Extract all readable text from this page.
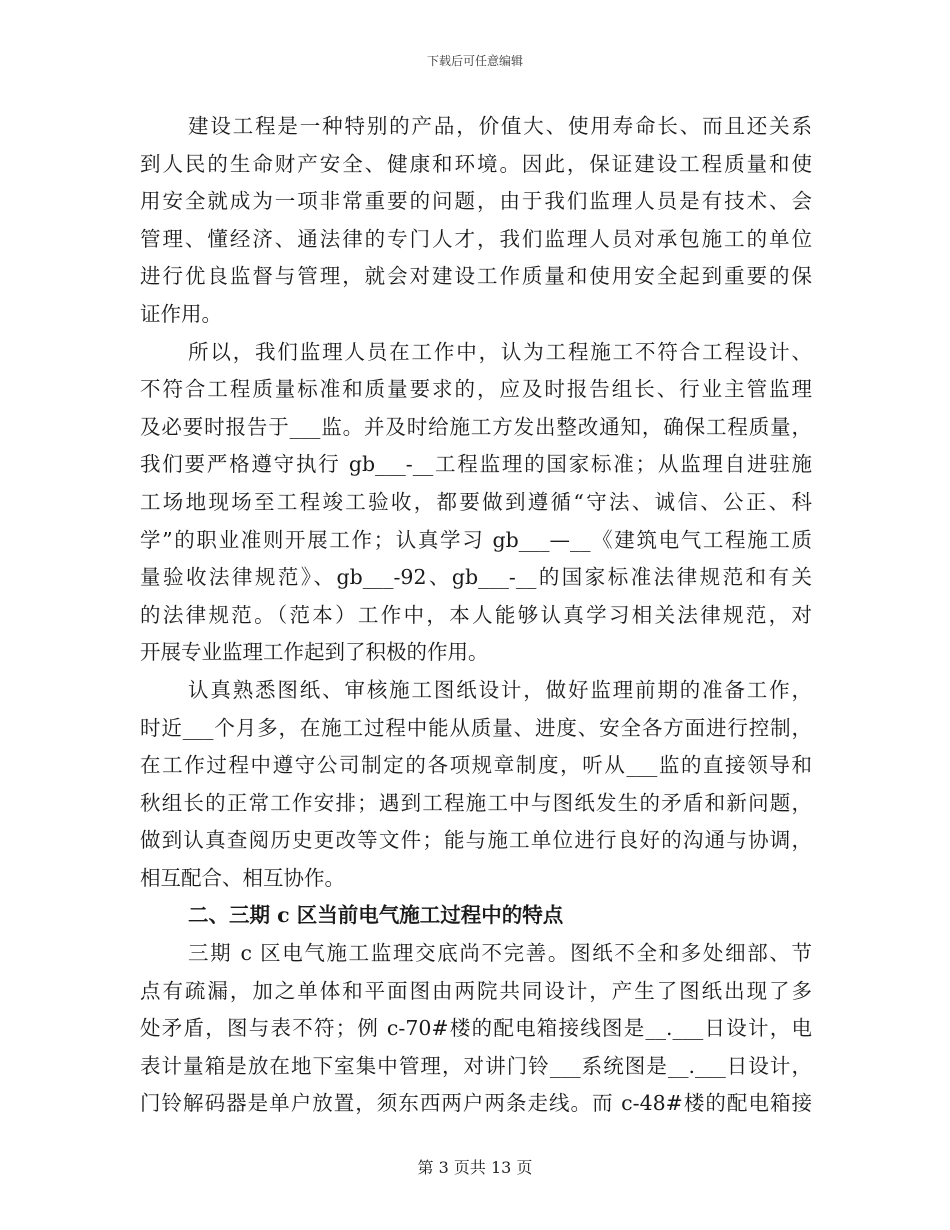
下载后可任意编辑
建设工程是一种特别的产品，价值大、使用寿命长、而且还关系
到人民的生命财产安全、健康和环境。因此，保证建设工程质量和使
用安全就成为一项非常重要的问题，由于我们监理人员是有技术、会
管理、懂经济、通法律的专门人才，我们监理人员对承包施工的单位
进行优良监督与管理，就会对建设工作质量和使用安全起到重要的保
证作用。
所以，我们监理人员在工作中，认为工程施工不符合工程设计、
不符合工程质量标准和质量要求的，应及时报告组长、行业主管监理
及必要时报告于___监。并及时给施工方发出整改通知，确保工程质量，
我们要严格遵守执行 gb___-__工程监理的国家标准；从监理自进驻施
工场地现场至工程竣工验收，都要做到遵循“守法、诚信、公正、科
学”的职业准则开展工作；认真学习 gb___—__《建筑电气工程施工质
量验收法律规范》、gb___-92、gb___-__的国家标准法律规范和有关
的法律规范。（范本）工作中，本人能够认真学习相关法律规范，对
开展专业监理工作起到了积极的作用。
认真熟悉图纸、审核施工图纸设计，做好监理前期的准备工作，
时近___个月多，在施工过程中能从质量、进度、安全各方面进行控制，
在工作过程中遵守公司制定的各项规章制度，听从___监的直接领导和
秋组长的正常工作安排；遇到工程施工中与图纸发生的矛盾和新问题，
做到认真查阅历史更改等文件；能与施工单位进行良好的沟通与协调，
相互配合、相互协作。
二、三期 c 区当前电气施工过程中的特点
三期 c 区电气施工监理交底尚不完善。图纸不全和多处细部、节
点有疏漏，加之单体和平面图由两院共同设计，产生了图纸出现了多
处矛盾，图与表不符；例 c-70#楼的配电箱接线图是__.___日设计，电
表计量箱是放在地下室集中管理，对讲门铃___系统图是__.___日设计，
门铃解码器是单户放置，须东西两户两条走线。而 c-48#楼的配电箱接
第 3 页共 13 页
